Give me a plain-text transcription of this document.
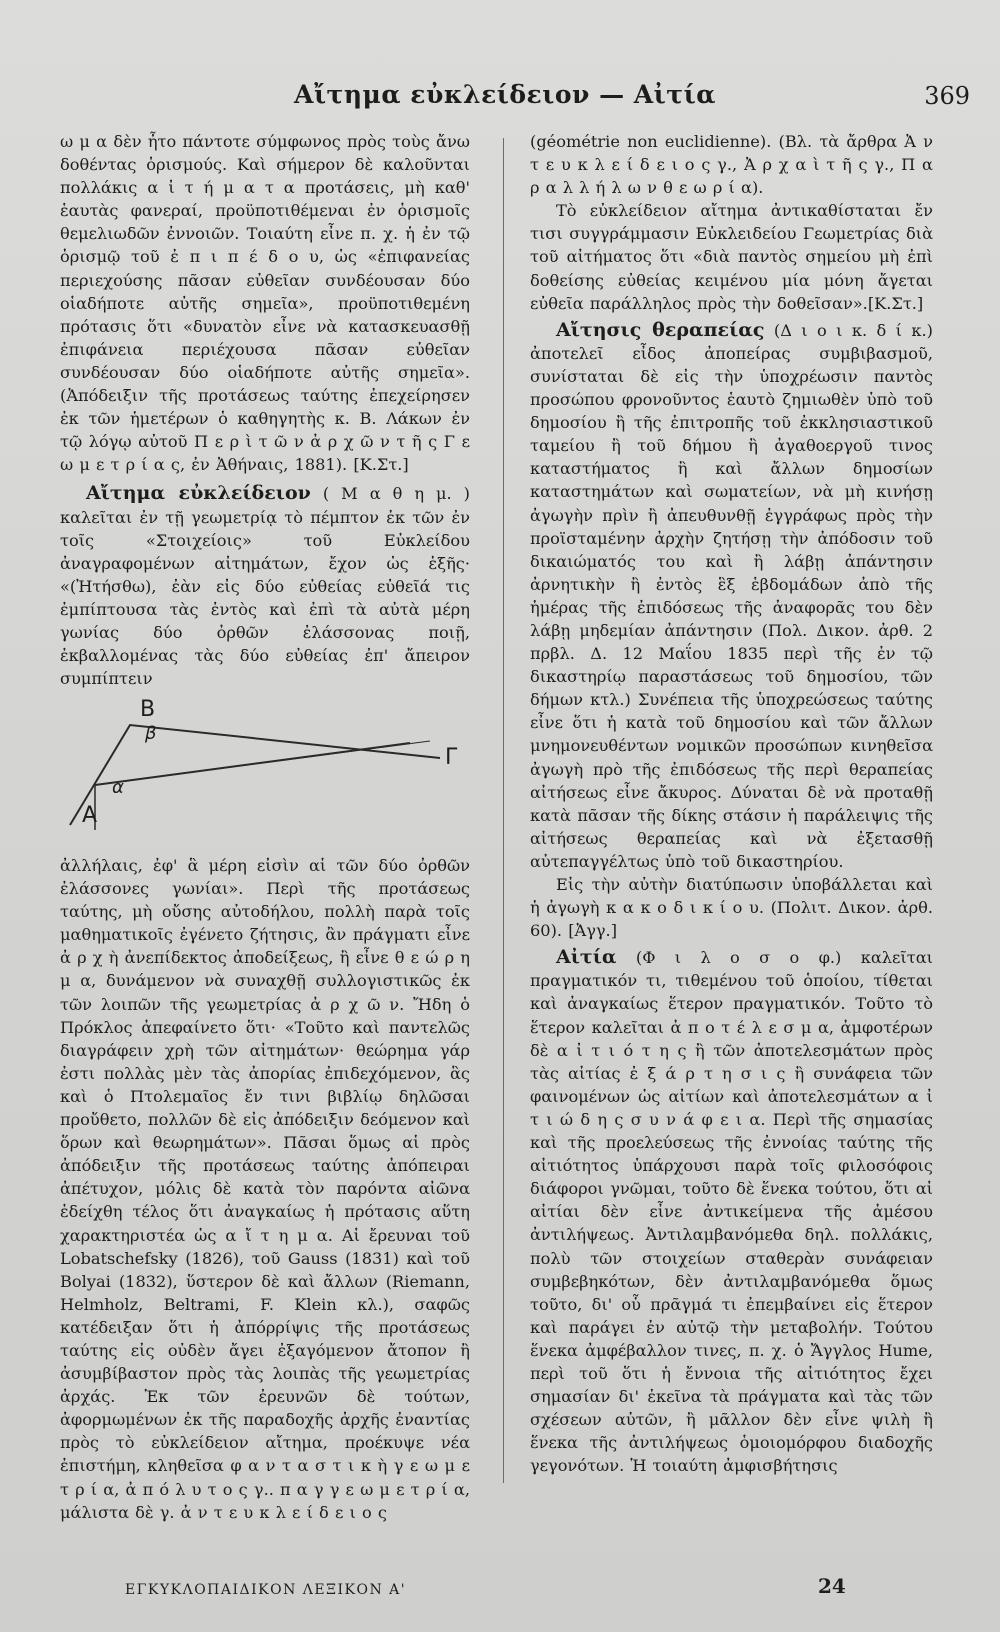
Αἴτημα εὐκλείδειον — Αἰτία	369

ω μ α δὲν ἦτο πάντοτε σύμφωνος πρὸς τοὺς ἄνω δοθέντας ὁρισμούς. Καὶ σήμερον δὲ καλοῦνται πολλάκις α ἰ τ ή μ α τ α προτάσεις, μὴ καθ' ἑαυτὰς φανεραί, προϋποτιθέμεναι ἐν ὁρισμοῖς θεμελιωδῶν ἐννοιῶν. Τοιαύτη εἶνε π. χ. ἡ ἐν τῷ ὁρισμῷ τοῦ ἐ π ι π έ δ ο υ, ὡς «ἐπιφανείας περιεχούσης πᾶσαν εὐθεῖαν συνδέουσαν δύο οἱαδήποτε αὐτῆς σημεῖα», προϋποτιθεμένη πρότασις ὅτι «δυνατὸν εἶνε νὰ κατασκευασθῇ ἐπιφάνεια περιέχουσα πᾶσαν εὐθεῖαν συνδέουσαν δύο οἱαδήποτε αὐτῆς σημεῖα». (Ἀπόδειξιν τῆς προτάσεως ταύτης ἐπεχείρησεν ἐκ τῶν ἡμετέρων ὁ καθηγητὴς κ. Β. Λάκων ἐν τῷ λόγῳ αὐτοῦ Π ε ρ ὶ τ ῶ ν ἀ ρ χ ῶ ν τ ῆ ς Γ ε ω μ ε τ ρ ί α ς, ἐν Ἀθήναις, 1881). [Κ.Στ.]

Αἴτημα εὐκλείδειον ( Μ α θ η μ. ) καλεῖται ἐν τῇ γεωμετρίᾳ τὸ πέμπτον ἐκ τῶν ἐν τοῖς «Στοιχείοις» τοῦ Εὐκλείδου ἀναγραφομένων αἰτημάτων, ἔχον ὡς ἑξῆς· «(Ἠτήσθω), ἐὰν εἰς δύο εὐθείας εὐθεῖά τις ἐμπίπτουσα τὰς ἐντὸς καὶ ἐπὶ τὰ αὐτὰ μέρη γωνίας δύο ὀρθῶν ἐλάσσονας ποιῇ, ἐκβαλλομένας τὰς δύο εὐθείας ἐπ' ἄπειρον συμπίπτειν

A
B
Γ
α
β

ἀλλήλαις, ἐφ' ἃ μέρη εἰσὶν αἱ τῶν δύο ὀρθῶν ἐλάσσονες γωνίαι». Περὶ τῆς προτάσεως ταύτης, μὴ οὔσης αὐτοδήλου, πολλὴ παρὰ τοῖς μαθηματικοῖς ἐγένετο ζήτησις, ἂν πράγματι εἶνε ἀ ρ χ ὴ ἀνεπίδεκτος ἀποδείξεως, ἢ εἶνε θ ε ώ ρ η μ α, δυνάμενον νὰ συναχθῇ συλλογιστικῶς ἐκ τῶν λοιπῶν τῆς γεωμετρίας ἀ ρ χ ῶ ν. Ἤδη ὁ Πρόκλος ἀπεφαίνετο ὅτι· «Τοῦτο καὶ παντελῶς διαγράφειν χρὴ τῶν αἰτημάτων· θεώρημα γάρ ἐστι πολλὰς μὲν τὰς ἀπορίας ἐπιδεχόμενον, ἃς καὶ ὁ Πτολεμαῖος ἔν τινι βιβλίῳ δηλῶσαι προὔθετο, πολλῶν δὲ εἰς ἀπόδειξιν δεόμενον καὶ ὅρων καὶ θεωρημάτων». Πᾶσαι ὅμως αἱ πρὸς ἀπόδειξιν τῆς προτάσεως ταύτης ἀπόπειραι ἀπέτυχον, μόλις δὲ κατὰ τὸν παρόντα αἰῶνα ἐδείχθη τέλος ὅτι ἀναγκαίως ἡ πρότασις αὕτη χαρακτηριστέα ὡς α ἴ τ η μ α. Αἱ ἔρευναι τοῦ Lobatschefsky (1826), τοῦ Gauss (1831) καὶ τοῦ Bolyai (1832), ὕστερον δὲ καὶ ἄλλων (Riemann, Helmholz, Beltrami, F. Klein κλ.), σαφῶς κατέδειξαν ὅτι ἡ ἀπόρρίψις τῆς προτάσεως ταύτης εἰς οὐδὲν ἄγει ἐξαγόμενον ἄτοπον ἢ ἀσυμβίβαστον πρὸς τὰς λοιπὰς τῆς γεωμετρίας ἀρχάς. Ἐκ τῶν ἐρευνῶν δὲ τούτων, ἀφορμωμένων ἐκ τῆς παραδοχῆς ἀρχῆς ἐναντίας πρὸς τὸ εὐκλείδειον αἴτημα, προέκυψε νέα ἐπιστήμη, κληθεῖσα φ α ν τ α σ τ ι κ ὴ γ ε ω μ ε τ ρ ί α, ἀ π ό λ υ τ ο ς γ.. π α γ γ ε ω μ ε τ ρ ί α, μάλιστα δὲ γ. ἀ ν τ ε υ κ λ ε ί δ ε ι ο ς

(géométrie non euclidienne). (Βλ. τὰ ἄρθρα Ἀ ν τ ε υ κ λ ε ί δ ε ι ο ς γ., Ἀ ρ χ α ὶ τ ῆ ς γ., Π α ρ α λ λ ή λ ω ν θ ε ω ρ ί α).

Τὸ εὐκλείδειον αἴτημα ἀντικαθίσταται ἔν τισι συγγράμμασιν Εὐκλειδείου Γεωμετρίας διὰ τοῦ αἰτήματος ὅτι «διὰ παντὸς σημείου μὴ ἐπὶ δοθείσης εὐθείας κειμένου μία μόνη ἄγεται εὐθεῖα παράλληλος πρὸς τὴν δοθεῖσαν».[Κ.Στ.]

Αἴτησις θεραπείας (Δ ι ο ι κ. δ ί κ.) ἀποτελεῖ εἶδος ἀποπείρας συμβιβασμοῦ, συνίσταται δὲ εἰς τὴν ὑποχρέωσιν παντὸς προσώπου φρονοῦντος ἑαυτὸ ζημιωθὲν ὑπὸ τοῦ δημοσίου ἢ τῆς ἐπιτροπῆς τοῦ ἐκκλησιαστικοῦ ταμείου ἢ τοῦ δήμου ἢ ἀγαθοεργοῦ τινος καταστήματος ἢ καὶ ἄλλων δημοσίων καταστημάτων καὶ σωματείων, νὰ μὴ κινήσῃ ἀγωγὴν πρὶν ἢ ἀπευθυνθῇ ἐγγράφως πρὸς τὴν προϊσταμένην ἀρχὴν ζητήσῃ τὴν ἀπόδοσιν τοῦ δικαιώματός του καὶ ἢ λάβῃ ἀπάντησιν ἀρνητικὴν ἢ ἐντὸς ἓξ ἑβδομάδων ἀπὸ τῆς ἡμέρας τῆς ἐπιδόσεως τῆς ἀναφορᾶς του δὲν λάβῃ μηδεμίαν ἀπάντησιν (Πολ. Δικον. ἀρθ. 2 πρβλ. Δ. 12 Μαΐου 1835 περὶ τῆς ἐν τῷ δικαστηρίῳ παραστάσεως τοῦ δημοσίου, τῶν δήμων κτλ.) Συνέπεια τῆς ὑποχρεώσεως ταύτης εἶνε ὅτι ἡ κατὰ τοῦ δημοσίου καὶ τῶν ἄλλων μνημονευθέντων νομικῶν προσώπων κινηθεῖσα ἀγωγὴ πρὸ τῆς ἐπιδόσεως τῆς περὶ θεραπείας αἰτήσεως εἶνε ἄκυρος. Δύναται δὲ νὰ προταθῇ κατὰ πᾶσαν τῆς δίκης στάσιν ἡ παράλειψις τῆς αἰτήσεως θεραπείας καὶ νὰ ἐξετασθῇ αὐτεπαγγέλτως ὑπὸ τοῦ δικαστηρίου.

Εἰς τὴν αὐτὴν διατύπωσιν ὑποβάλλεται καὶ ἡ ἀγωγὴ κ α κ ο δ ι κ ί ο υ. (Πολιτ. Δικον. ἀρθ. 60). [Ἀγγ.]

Αἰτία (Φ ι λ ο σ ο φ.) καλεῖται πραγματικόν τι, τιθεμένου τοῦ ὁποίου, τίθεται καὶ ἀναγκαίως ἕτερον πραγματικόν. Τοῦτο τὸ ἕτερον καλεῖται ἀ π ο τ έ λ ε σ μ α, ἀμφοτέρων δὲ α ἰ τ ι ό τ η ς ἢ τῶν ἀποτελεσμάτων πρὸς τὰς αἰτίας ἐ ξ ά ρ τ η σ ι ς ἢ συνάφεια τῶν φαινομένων ὡς αἰτίων καὶ ἀποτελεσμάτων α ἰ τ ι ώ δ η ς σ υ ν ά φ ε ι α. Περὶ τῆς σημασίας καὶ τῆς προελεύσεως τῆς ἐννοίας ταύτης τῆς αἰτιότητος ὑπάρχουσι παρὰ τοῖς φιλοσόφοις διάφοροι γνῶμαι, τοῦτο δὲ ἕνεκα τούτου, ὅτι αἱ αἰτίαι δὲν εἶνε ἀντικείμενα τῆς ἀμέσου ἀντιλήψεως. Ἀντιλαμβανόμεθα δηλ. πολλάκις, πολὺ τῶν στοιχείων σταθερὰν συνάφειαν συμβεβηκότων, δὲν ἀντιλαμβανόμεθα ὅμως τοῦτο, δι' οὗ πρᾶγμά τι ἐπεμβαίνει εἰς ἕτερον καὶ παράγει ἐν αὐτῷ τὴν μεταβολήν. Τούτου ἕνεκα ἀμφέβαλλον τινες, π. χ. ὁ Ἄγγλος Hume, περὶ τοῦ ὅτι ἡ ἔννοια τῆς αἰτιότητος ἔχει σημασίαν δι' ἐκεῖνα τὰ πράγματα καὶ τὰς τῶν σχέσεων αὐτῶν, ἢ μᾶλλον δὲν εἶνε ψιλὴ ἢ ἕνεκα τῆς ἀντιλήψεως ὁμοιομόρφου διαδοχῆς γεγονότων. Ἡ τοιαύτη ἀμφισβήτησις

ΕΓΚΥΚΛΟΠΑΙΔΙΚΟΝ ΛΕΞΙΚΟΝ Α'	24
